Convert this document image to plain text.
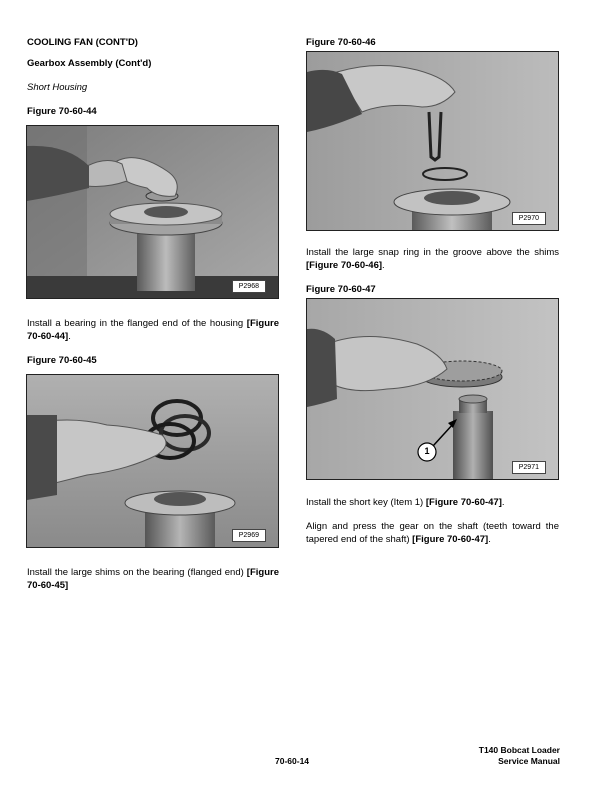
COOLING FAN (CONT'D)
Gearbox Assembly (Cont'd)
Short Housing
Figure 70-60-44
P2968

Install a bearing in the flanged end of the housing [Figure 70-60-44].

Figure 70-60-45
P2969

Install the large shims on the bearing (flanged end) [Figure 70-60-45]

Figure 70-60-46
P2970

Install the large snap ring in the groove above the shims [Figure 70-60-46].

Figure 70-60-47
1
P2971

Install the short key (Item 1) [Figure 70-60-47].

Align and press the gear on the shaft (teeth toward the tapered end of the shaft) [Figure 70-60-47].

70-60-14
T140 Bobcat Loader
Service Manual
